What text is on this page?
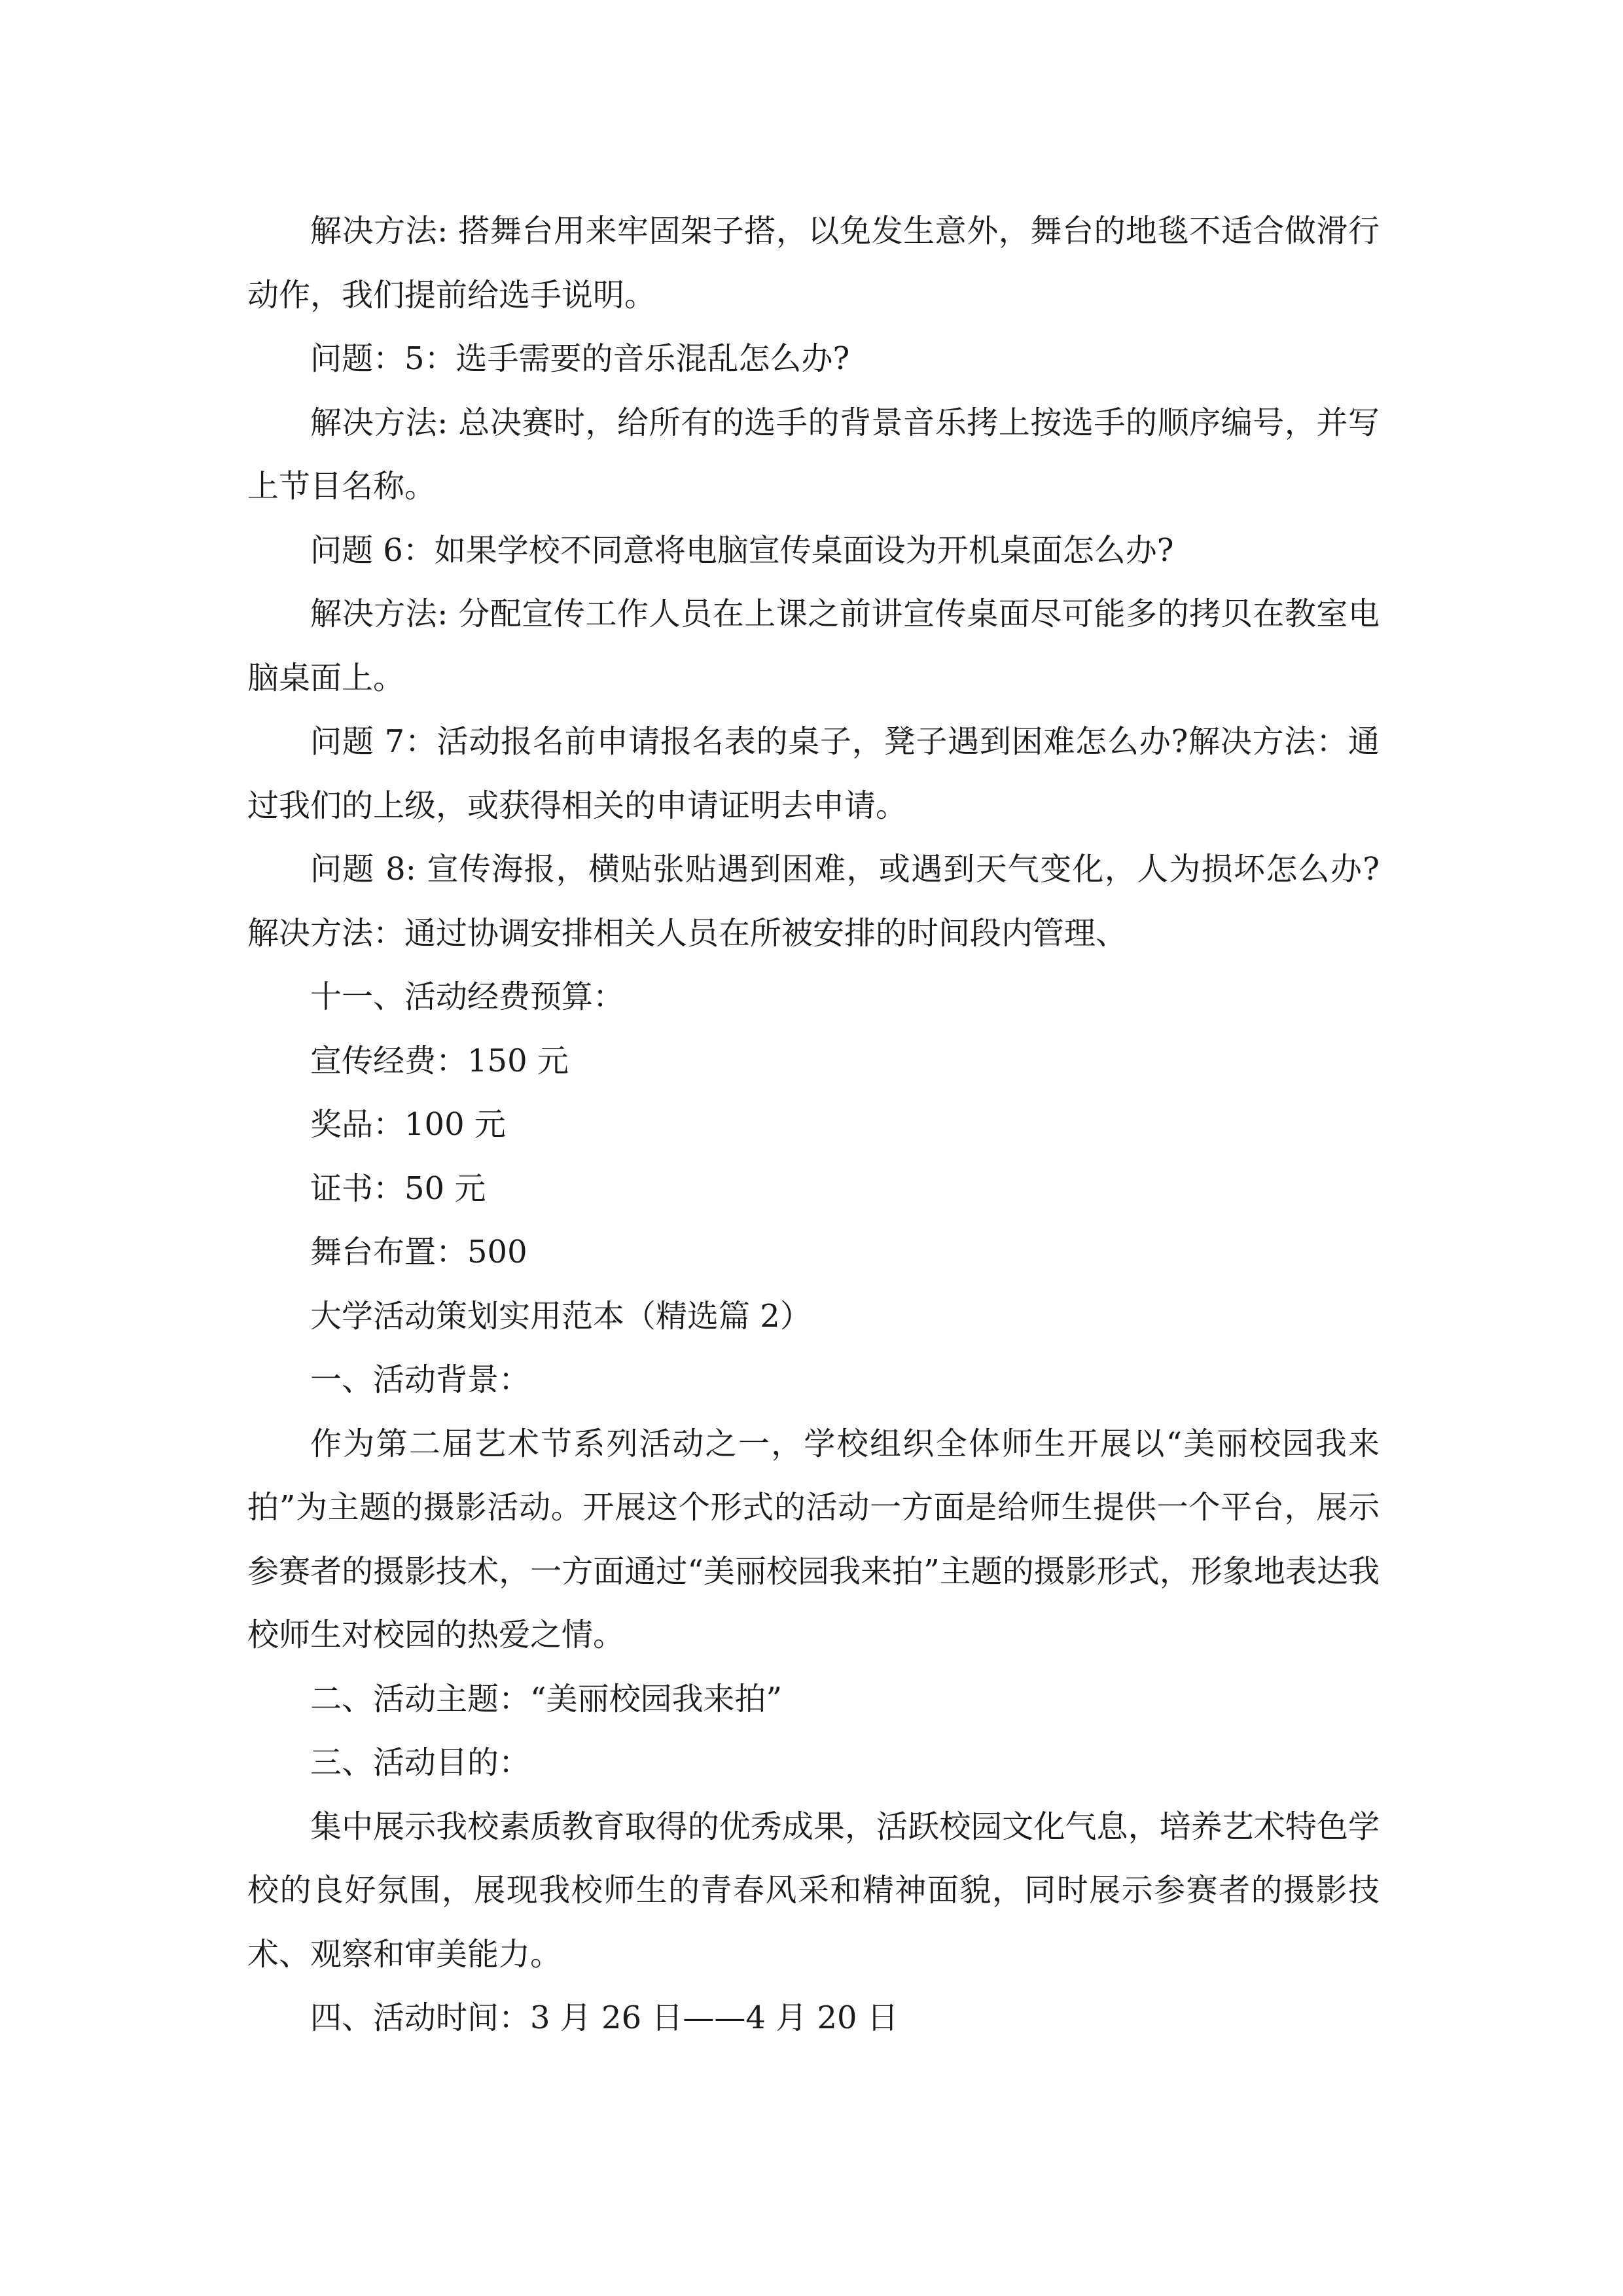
解决方法: 搭舞台用来牢固架子搭，以免发生意外，舞台的地毯不适合做滑行动作，我们提前给选手说明。

问题：5：选手需要的音乐混乱怎么办?

解决方法: 总决赛时，给所有的选手的背景音乐拷上按选手的顺序编号，并写上节目名称。

问题 6：如果学校不同意将电脑宣传桌面设为开机桌面怎么办?

解决方法: 分配宣传工作人员在上课之前讲宣传桌面尽可能多的拷贝在教室电脑桌面上。

问题 7：活动报名前申请报名表的桌子，凳子遇到困难怎么办?解决方法：通过我们的上级，或获得相关的申请证明去申请。

问题 8: 宣传海报，横贴张贴遇到困难，或遇到天气变化，人为损坏怎么办?解决方法：通过协调安排相关人员在所被安排的时间段内管理、

十一、活动经费预算：

宣传经费：150 元

奖品：100 元

证书：50 元

舞台布置：500

大学活动策划实用范本（精选篇 2）

一、活动背景：

作为第二届艺术节系列活动之一，学校组织全体师生开展以“美丽校园我来拍”为主题的摄影活动。开展这个形式的活动一方面是给师生提供一个平台，展示参赛者的摄影技术，一方面通过“美丽校园我来拍”主题的摄影形式，形象地表达我校师生对校园的热爱之情。

二、活动主题：“美丽校园我来拍”

三、活动目的：

集中展示我校素质教育取得的优秀成果，活跃校园文化气息，培养艺术特色学校的良好氛围，展现我校师生的青春风采和精神面貌，同时展示参赛者的摄影技术、观察和审美能力。

四、活动时间：3 月 26 日——4 月 20 日
